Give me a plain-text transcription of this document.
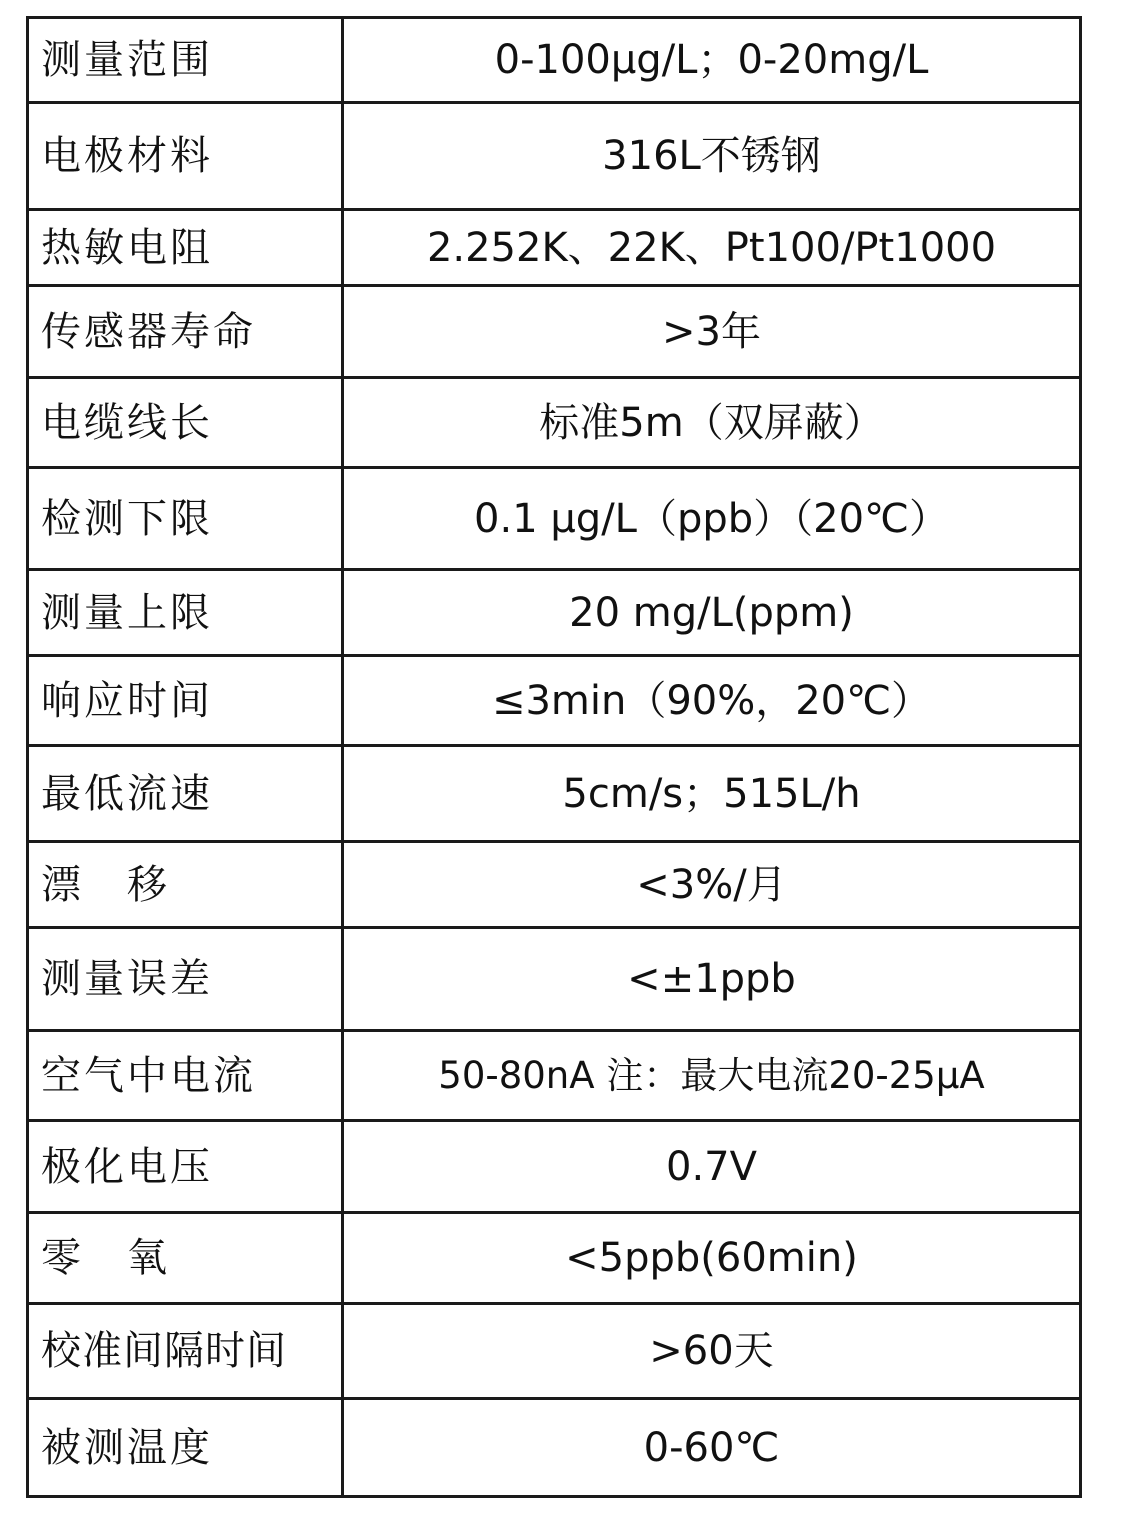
测量范围	0-100μg/L；0-20mg/L
电极材料	316L不锈钢
热敏电阻	2.252K、22K、Pt100/Pt1000
传感器寿命	>3年
电缆线长	标准5m（双屏蔽）
检测下限	0.1 μg/L（ppb）（20℃）
测量上限	20 mg/L(ppm)
响应时间	≤3min（90%，20℃）
最低流速	5cm/s；515L/h
漂　移	<3%/月
测量误差	<±1ppb
空气中电流	50-80nA 注：最大电流20-25μA
极化电压	0.7V
零　氧	<5ppb(60min)
校准间隔时间	>60天
被测温度	0-60℃
